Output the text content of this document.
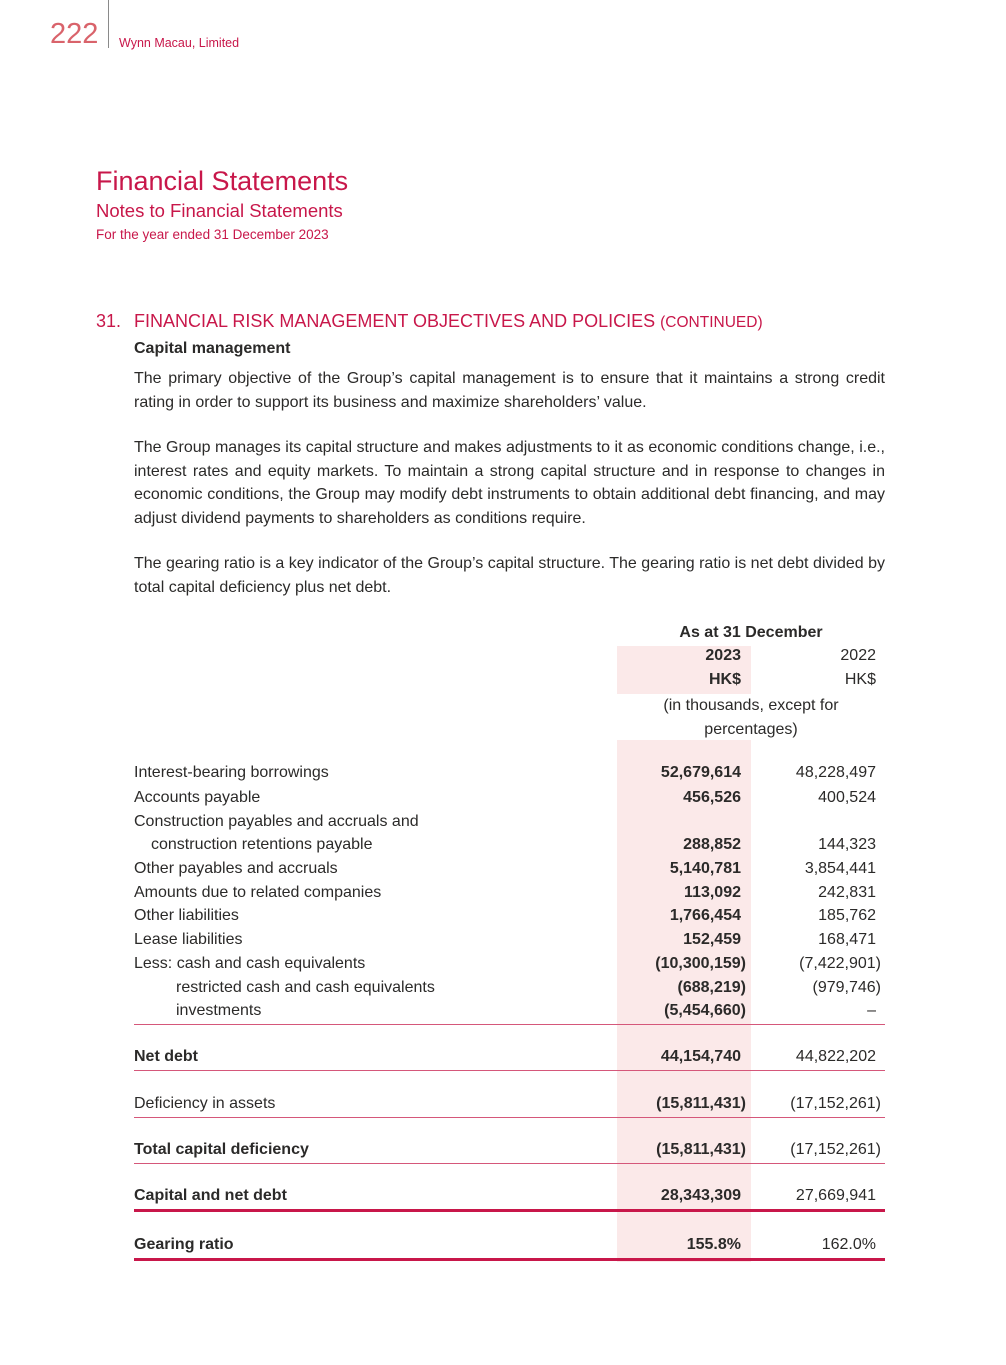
222 Wynn Macau, Limited
Financial Statements
Notes to Financial Statements
For the year ended 31 December 2023
31. FINANCIAL RISK MANAGEMENT OBJECTIVES AND POLICIES (CONTINUED)
Capital management
The primary objective of the Group’s capital management is to ensure that it maintains a strong credit rating in order to support its business and maximize shareholders’ value.
The Group manages its capital structure and makes adjustments to it as economic conditions change, i.e., interest rates and equity markets. To maintain a strong capital structure and in response to changes in economic conditions, the Group may modify debt instruments to obtain additional debt financing, and may adjust dividend payments to shareholders as conditions require.
The gearing ratio is a key indicator of the Group’s capital structure. The gearing ratio is net debt divided by total capital deficiency plus net debt.
As at 31 December
2023	2022
HK$	HK$
(in thousands, except for percentages)
Interest-bearing borrowings	52,679,614	48,228,497
Accounts payable	456,526	400,524
Construction payables and accruals and
construction retentions payable	288,852	144,323
Other payables and accruals	5,140,781	3,854,441
Amounts due to related companies	113,092	242,831
Other liabilities	1,766,454	185,762
Lease liabilities	152,459	168,471
Less: cash and cash equivalents	(10,300,159)	(7,422,901)
restricted cash and cash equivalents	(688,219)	(979,746)
investments	(5,454,660)	–
Net debt	44,154,740	44,822,202
Deficiency in assets	(15,811,431)	(17,152,261)
Total capital deficiency	(15,811,431)	(17,152,261)
Capital and net debt	28,343,309	27,669,941
Gearing ratio	155.8%	162.0%
